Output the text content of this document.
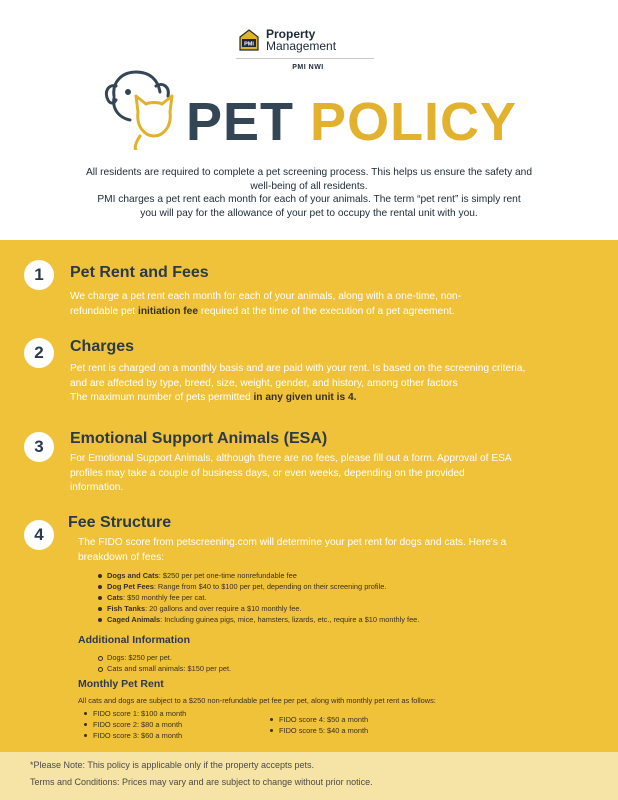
PMI
Property
Management
PMI NWI
PET POLICY
All residents are required to complete a pet screening process. This helps us ensure the safety and
well-being of all residents.
PMI charges a pet rent each month for each of your animals. The term “pet rent” is simply rent
you will pay for the allowance of your pet to occupy the rental unit with you.
1	Pet Rent and Fees
We charge a pet rent each month for each of your animals, along with a one-time, non-
refundable pet initiation fee required at the time of the execution of a pet agreement.
2	Charges
Pet rent is charged on a monthly basis and are paid with your rent. Is based on the screening criteria,
and are affected by type, breed, size, weight, gender, and history, among other factors
The maximum number of pets permitted in any given unit is 4.
3	Emotional Support Animals (ESA)
For Emotional Support Animals, although there are no fees, please fill out a form. Approval of ESA
profiles may take a couple of business days, or even weeks, depending on the provided
information.
4
Fee Structure
The FIDO score from petscreening.com will determine your pet rent for dogs and cats. Here's a
breakdown of fees:
Dogs and Cats: $250 per pet one-time nonrefundable fee
Dog Pet Fees: Range from $40 to $100 per pet, depending on their screening profile.
Cats: $50 monthly fee per cat.
Fish Tanks: 20 gallons and over require a $10 monthly fee.
Caged Animals: Including guinea pigs, mice, hamsters, lizards, etc., require a $10 monthly fee.
Additional Information
Dogs: $250 per pet.
Cats and small animals: $150 per pet.
Monthly Pet Rent
All cats and dogs are subject to a $250 non-refundable pet fee per pet, along with monthly pet rent as follows:
FIDO score 1: $100 a month
FIDO score 2: $80 a month
FIDO score 3: $60 a month
FIDO score 4: $50 a month
FIDO score 5: $40 a month
*Please Note: This policy is applicable only if the property accepts pets.
Terms and Conditions: Prices may vary and are subject to change without prior notice.
